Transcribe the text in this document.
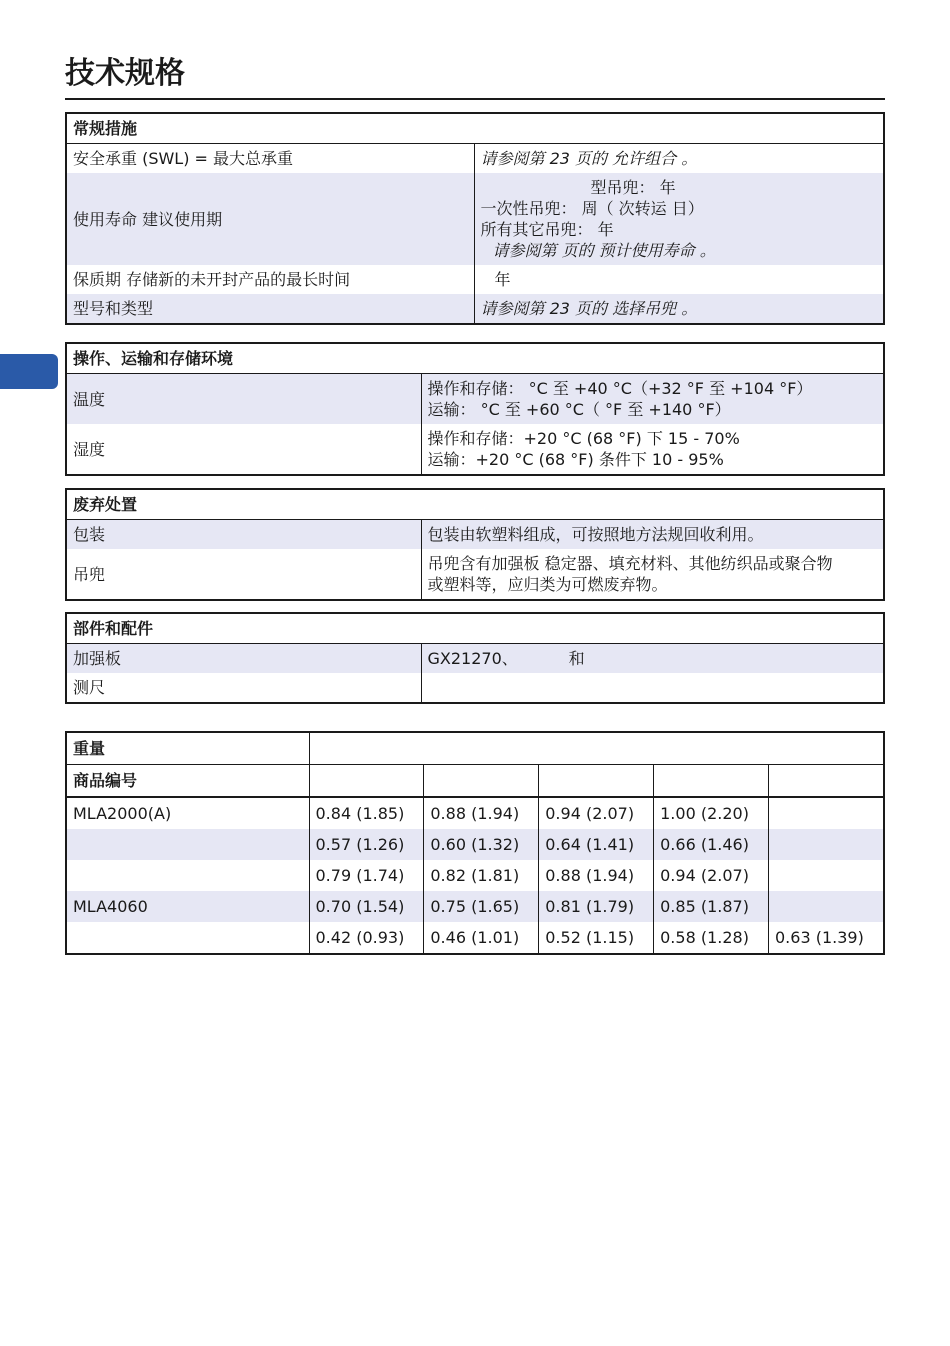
技术规格
常规措施	
安全承重 (SWL) = 最大总承重	请参阅第 23 页的 允许组合 。
使用寿命 建议使用期	型吊兜： 年
一次性吊兜： 周（ 次转运 日）
所有其它吊兜： 年
请参阅第 页的 预计使用寿命 。

保质期 存储新的未开封产品的最长时间	年
型号和类型	请参阅第 23 页的 选择吊兜 。
操作、运输和存储环境	
温度	操作和存储： °C 至 +40 °C（+32 °F 至 +104 °F）
运输： °C 至 +60 °C（ °F 至 +140 °F）

湿度	操作和存储：+20 °C (68 °F) 下 15 - 70%
运输：+20 °C (68 °F) 条件下 10 - 95%
废弃处置	
包装	包装由软塑料组成，可按照地方法规回收利用。
吊兜	吊兜含有加强板 稳定器、填充材料、其他纺织品或聚合物
或塑料等，应归类为可燃废弃物。
部件和配件	
加强板	GX21270、          和
测尺	
重量					
商品编号					
MLA2000(A)	0.84 (1.85)	0.88 (1.94)	0.94 (2.07)	1.00 (2.20)	
	0.57 (1.26)	0.60 (1.32)	0.64 (1.41)	0.66 (1.46)	
	0.79 (1.74)	0.82 (1.81)	0.88 (1.94)	0.94 (2.07)	
MLA4060	0.70 (1.54)	0.75 (1.65)	0.81 (1.79)	0.85 (1.87)	
	0.42 (0.93)	0.46 (1.01)	0.52 (1.15)	0.58 (1.28)	0.63 (1.39)
